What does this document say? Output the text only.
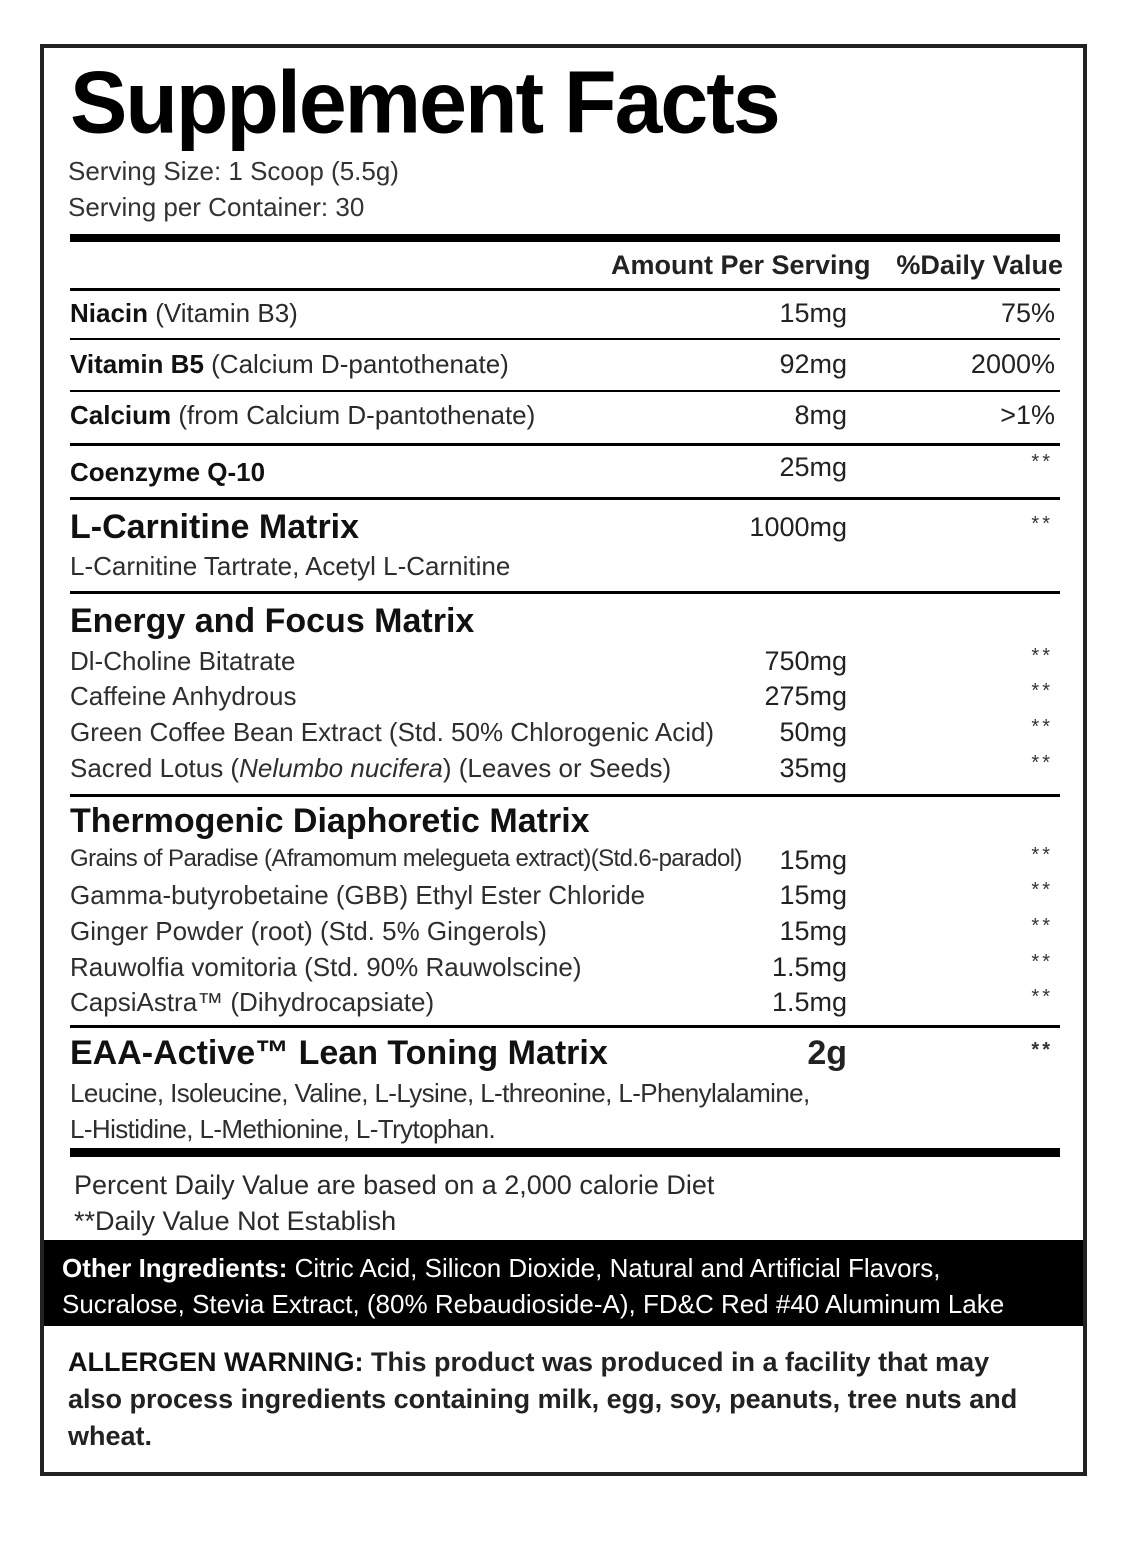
Supplement Facts
Serving Size: 1 Scoop (5.5g)
Serving per Container: 30
Amount Per Serving %Daily Value
Niacin (Vitamin B3)	15mg	75%
Vitamin B5 (Calcium D-pantothenate)	92mg	2000%
Calcium (from Calcium D-pantothenate)	8mg	>1%
Coenzyme Q-10	25mg	**
L-Carnitine Matrix	1000mg	**
L-Carnitine Tartrate, Acetyl L-Carnitine
Energy and Focus Matrix
Dl-Choline Bitatrate	750mg	**
Caffeine Anhydrous	275mg	**
Green Coffee Bean Extract (Std. 50% Chlorogenic Acid) 50mg	**
Sacred Lotus (Nelumbo nucifera) (Leaves or Seeds)	35mg	**
Thermogenic Diaphoretic Matrix
Grains of Paradise (Aframomum melegueta extract)(Std.6-paradol) 15mg	**
Gamma-butyrobetaine (GBB) Ethyl Ester Chloride	15mg	**
Ginger Powder (root) (Std. 5% Gingerols)	15mg	**
Rauwolfia vomitoria (Std. 90% Rauwolscine)	1.5mg	**
CapsiAstra™ (Dihydrocapsiate)	1.5mg	**
EAA-Active™ Lean Toning Matrix	2g	**
Leucine, Isoleucine, Valine, L-Lysine, L-threonine, L-Phenylalamine,
L-Histidine, L-Methionine, L-Trytophan.
Percent Daily Value are based on a 2,000 calorie Diet
**Daily Value Not Establish
Other Ingredients: Citric Acid, Silicon Dioxide, Natural and Artificial Flavors, Sucralose, Stevia Extract, (80% Rebaudioside-A), FD&C Red #40 Aluminum Lake
ALLERGEN WARNING: This product was produced in a facility that may also process ingredients containing milk, egg, soy, peanuts, tree nuts and wheat.
